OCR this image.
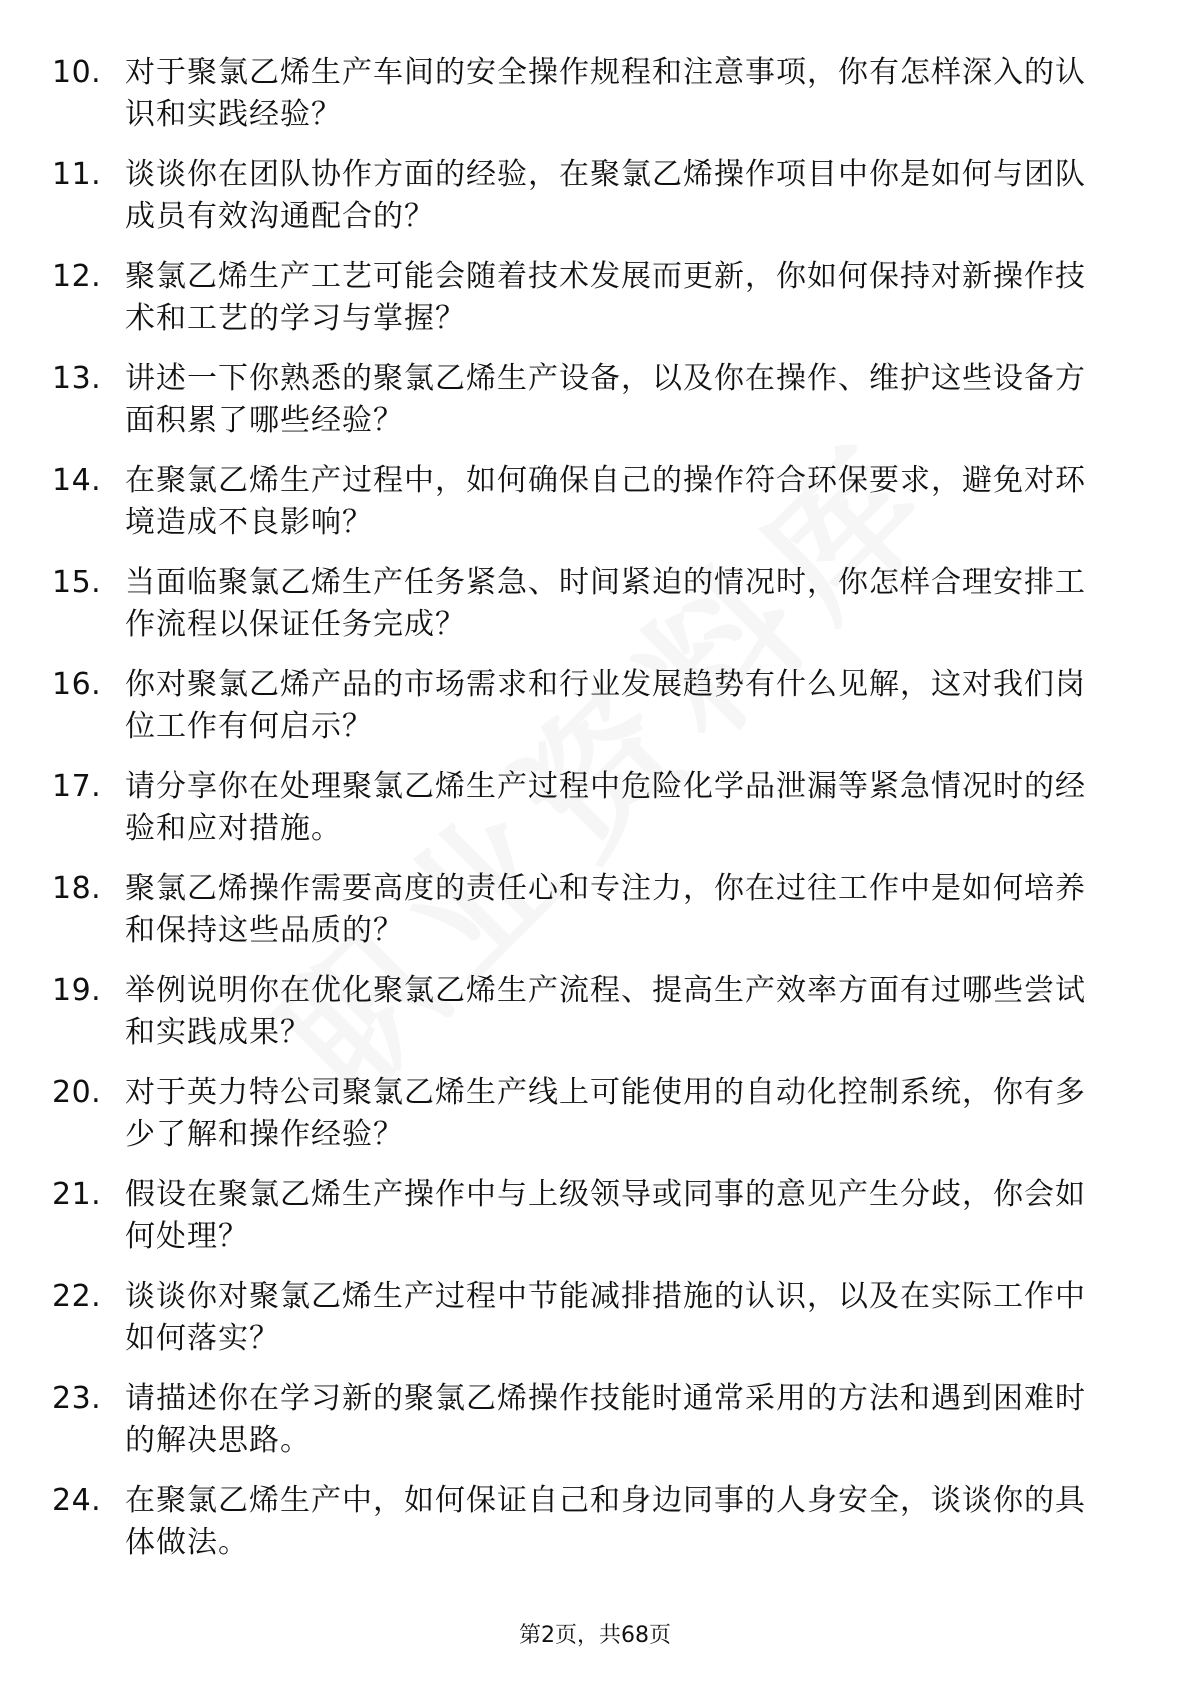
10. 对于聚氯乙烯生产车间的安全操作规程和注意事项，你有怎样深入的认识和实践经验？
11. 谈谈你在团队协作方面的经验，在聚氯乙烯操作项目中你是如何与团队成员有效沟通配合的？
12. 聚氯乙烯生产工艺可能会随着技术发展而更新，你如何保持对新操作技术和工艺的学习与掌握？
13. 讲述一下你熟悉的聚氯乙烯生产设备，以及你在操作、维护这些设备方面积累了哪些经验？
14. 在聚氯乙烯生产过程中，如何确保自己的操作符合环保要求，避免对环境造成不良影响？
15. 当面临聚氯乙烯生产任务紧急、时间紧迫的情况时，你怎样合理安排工作流程以保证任务完成？
16. 你对聚氯乙烯产品的市场需求和行业发展趋势有什么见解，这对我们岗位工作有何启示？
17. 请分享你在处理聚氯乙烯生产过程中危险化学品泄漏等紧急情况时的经验和应对措施。
18. 聚氯乙烯操作需要高度的责任心和专注力，你在过往工作中是如何培养和保持这些品质的？
19. 举例说明你在优化聚氯乙烯生产流程、提高生产效率方面有过哪些尝试和实践成果？
20. 对于英力特公司聚氯乙烯生产线上可能使用的自动化控制系统，你有多少了解和操作经验？
21. 假设在聚氯乙烯生产操作中与上级领导或同事的意见产生分歧，你会如何处理？
22. 谈谈你对聚氯乙烯生产过程中节能减排措施的认识，以及在实际工作中如何落实？
23. 请描述你在学习新的聚氯乙烯操作技能时通常采用的方法和遇到困难时的解决思路。
24. 在聚氯乙烯生产中，如何保证自己和身边同事的人身安全，谈谈你的具体做法。
第2页，共68页
